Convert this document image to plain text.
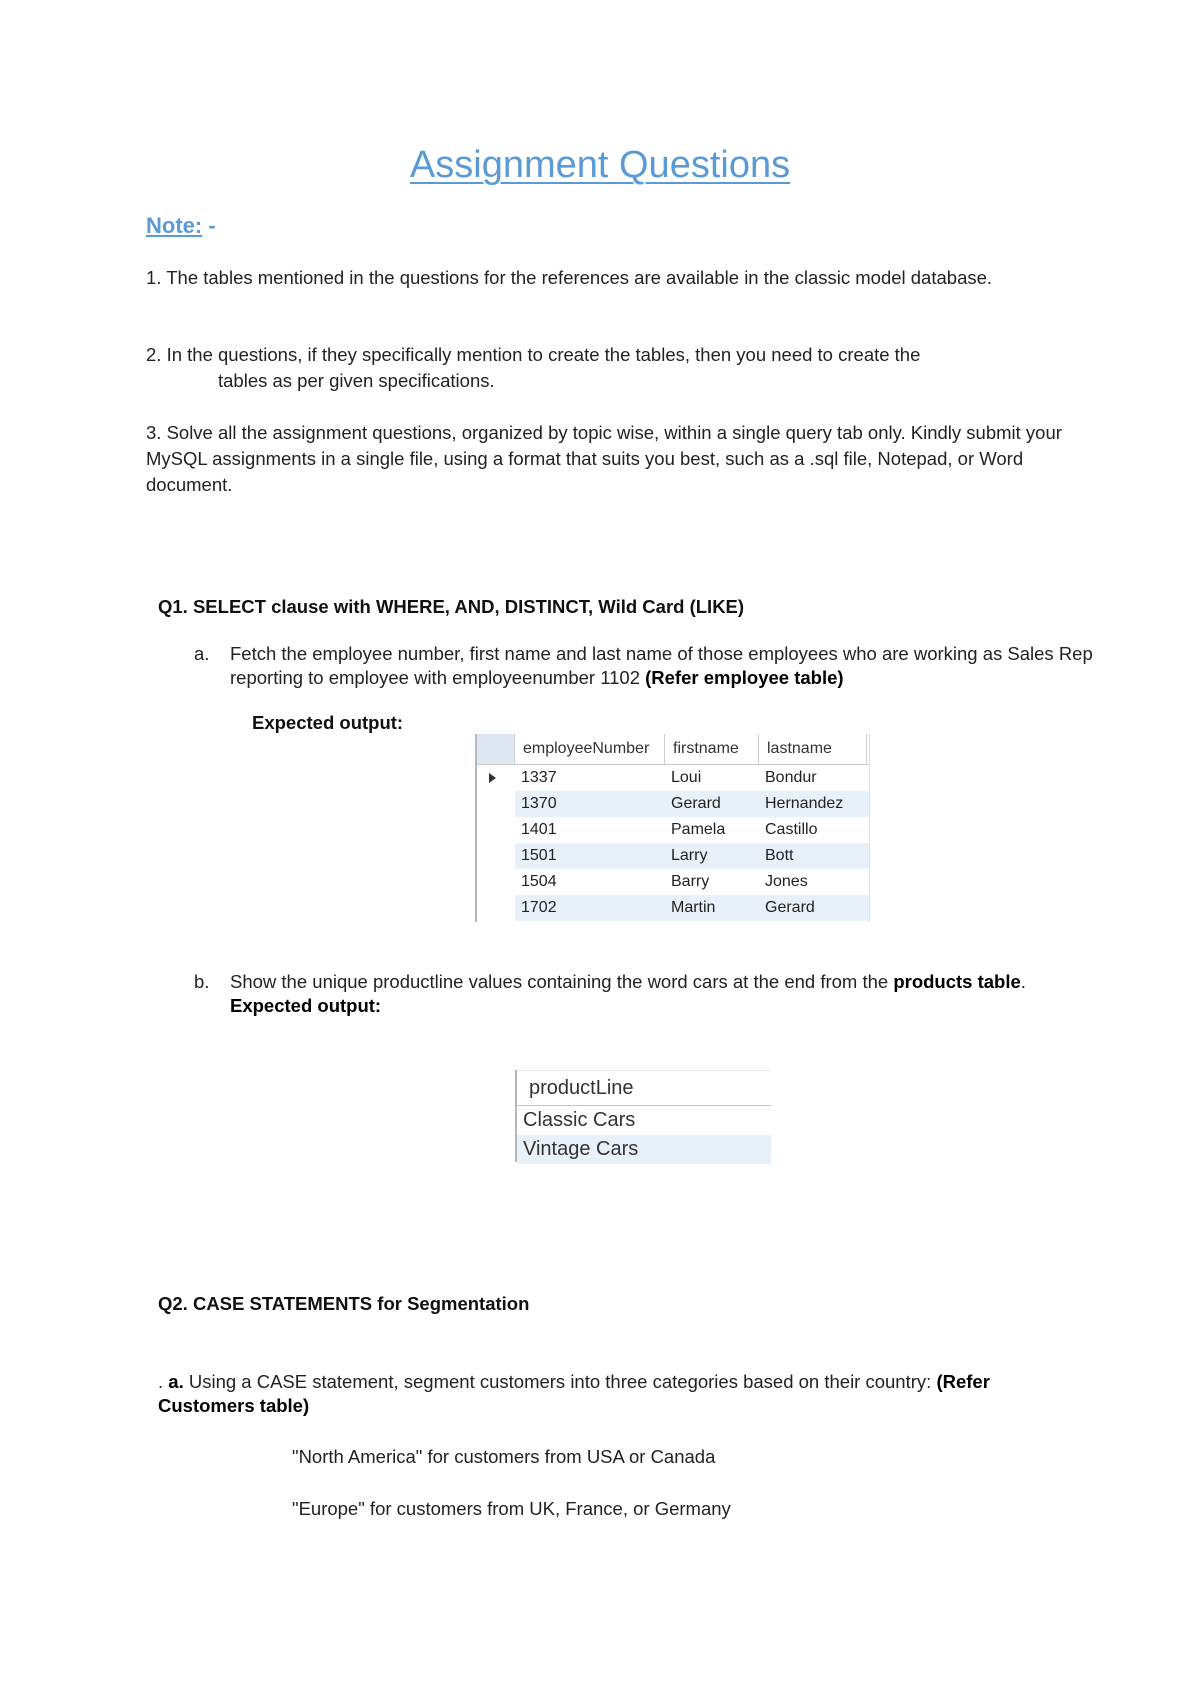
Assignment Questions
Note: -
1. The tables mentioned in the questions for the references are available in the classic model database.
2. In the questions, if they specifically mention to create the tables, then you need to create the
tables as per given specifications.
3. Solve all the assignment questions, organized by topic wise, within a single query tab only. Kindly submit your MySQL assignments in a single file, using a format that suits you best, such as a .sql file, Notepad, or Word document.
Q1. SELECT clause with WHERE, AND, DISTINCT, Wild Card (LIKE)
a.	Fetch the employee number, first name and last name of those employees who are working as Sales Rep reporting to employee with employeenumber 1102 (Refer employee table)
Expected output:
employeeNumber	firstname	lastname
1337	Loui	Bondur
1370	Gerard	Hernandez
1401	Pamela	Castillo
1501	Larry	Bott
1504	Barry	Jones
1702	Martin	Gerard
b.	Show the unique productline values containing the word cars at the end from the products table.
Expected output:
productLine
Classic Cars
Vintage Cars
Q2. CASE STATEMENTS for Segmentation
. a. Using a CASE statement, segment customers into three categories based on their country: (Refer Customers table)
"North America" for customers from USA or Canada
"Europe" for customers from UK, France, or Germany
